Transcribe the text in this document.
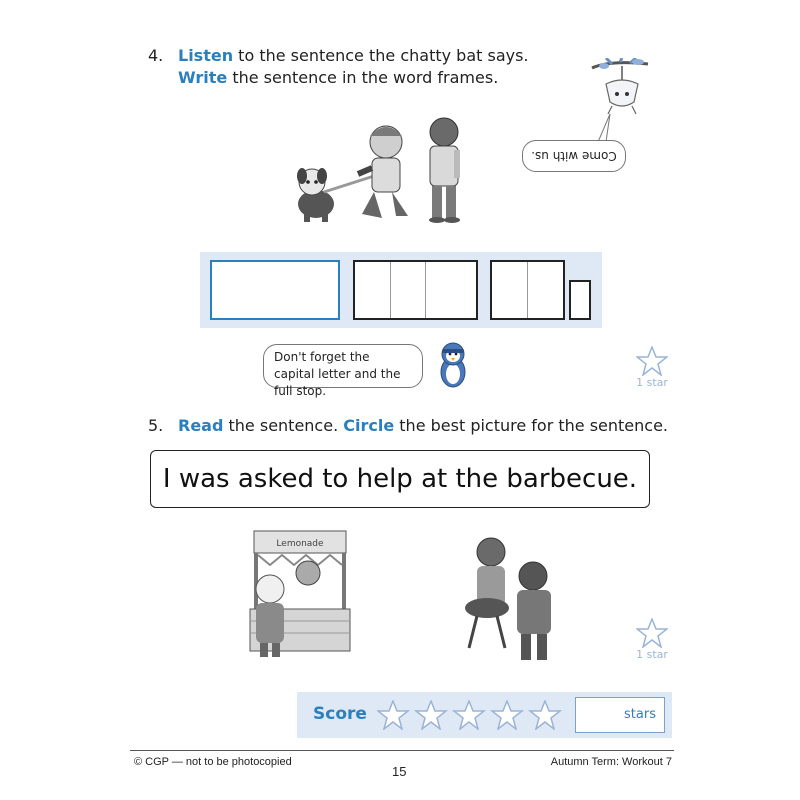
4. Listen to the sentence the chatty bat says.
Write the sentence in the word frames.
Come with us.
Don't forget the capital letter and the full stop.
1 star
5. Read the sentence. Circle the best picture for the sentence.
I was asked to help at the barbecue.
Lemonade
1 star
Score	stars
© CGP — not to be photocopied
15
Autumn Term: Workout 7
